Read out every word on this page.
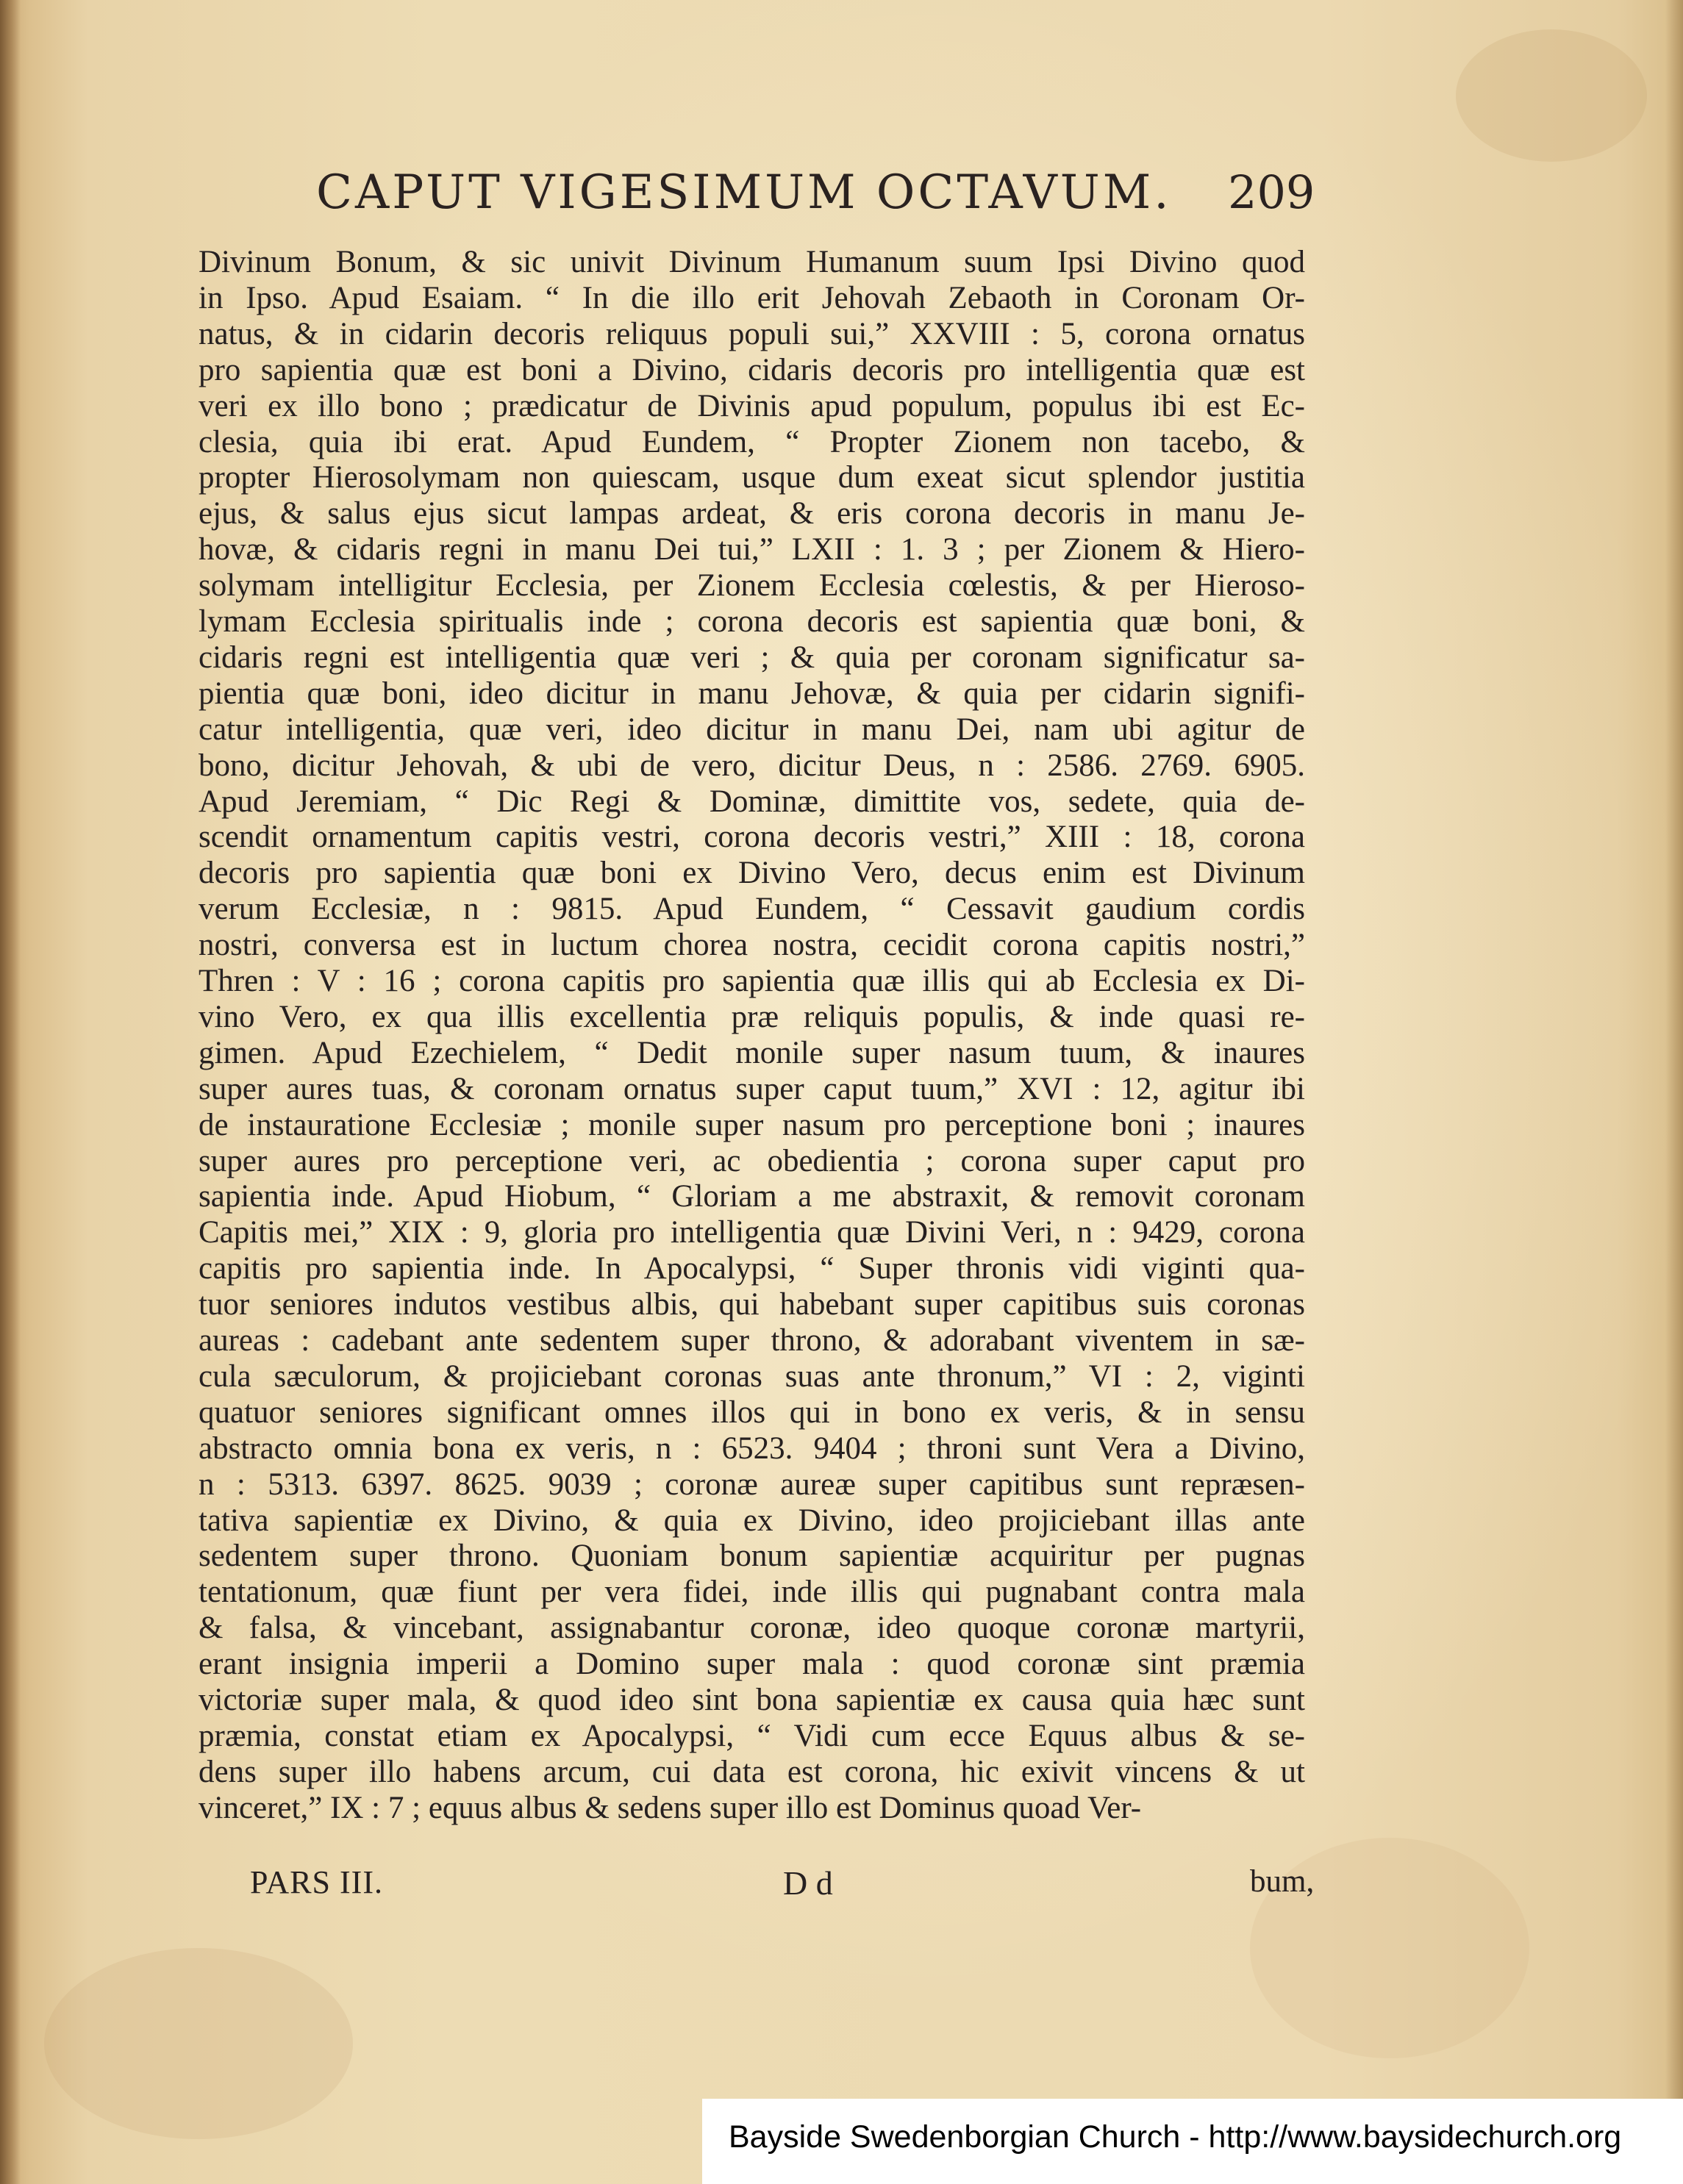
CAPUT VIGESIMUM OCTAVUM. 209
Divinum Bonum, & sic univit Divinum Humanum suum Ipsi Divino quod
in Ipso. Apud Esaiam. “ In die illo erit Jehovah Zebaoth in Coronam Or-
natus, & in cidarin decoris reliquus populi sui,” XXVIII : 5, corona ornatus
pro sapientia quæ est boni a Divino, cidaris decoris pro intelligentia quæ est
veri ex illo bono ; prædicatur de Divinis apud populum, populus ibi est Ec-
clesia, quia ibi erat. Apud Eundem, “ Propter Zionem non tacebo, &
propter Hierosolymam non quiescam, usque dum exeat sicut splendor justitia
ejus, & salus ejus sicut lampas ardeat, & eris corona decoris in manu Je-
hovæ, & cidaris regni in manu Dei tui,” LXII : 1. 3 ; per Zionem & Hiero-
solymam intelligitur Ecclesia, per Zionem Ecclesia cœlestis, & per Hieroso-
lymam Ecclesia spiritualis inde ; corona decoris est sapientia quæ boni, &
cidaris regni est intelligentia quæ veri ; & quia per coronam significatur sa-
pientia quæ boni, ideo dicitur in manu Jehovæ, & quia per cidarin signifi-
catur intelligentia, quæ veri, ideo dicitur in manu Dei, nam ubi agitur de
bono, dicitur Jehovah, & ubi de vero, dicitur Deus, n : 2586. 2769. 6905.
Apud Jeremiam, “ Dic Regi & Dominæ, dimittite vos, sedete, quia de-
scendit ornamentum capitis vestri, corona decoris vestri,” XIII : 18, corona
decoris pro sapientia quæ boni ex Divino Vero, decus enim est Divinum
verum Ecclesiæ, n : 9815. Apud Eundem, “ Cessavit gaudium cordis
nostri, conversa est in luctum chorea nostra, cecidit corona capitis nostri,”
Thren : V : 16 ; corona capitis pro sapientia quæ illis qui ab Ecclesia ex Di-
vino Vero, ex qua illis excellentia præ reliquis populis, & inde quasi re-
gimen. Apud Ezechielem, “ Dedit monile super nasum tuum, & inaures
super aures tuas, & coronam ornatus super caput tuum,” XVI : 12, agitur ibi
de instauratione Ecclesiæ ; monile super nasum pro perceptione boni ; inaures
super aures pro perceptione veri, ac obedientia ; corona super caput pro
sapientia inde. Apud Hiobum, “ Gloriam a me abstraxit, & removit coronam
Capitis mei,” XIX : 9, gloria pro intelligentia quæ Divini Veri, n : 9429, corona
capitis pro sapientia inde. In Apocalypsi, “ Super thronis vidi viginti qua-
tuor seniores indutos vestibus albis, qui habebant super capitibus suis coronas
aureas : cadebant ante sedentem super throno, & adorabant viventem in sæ-
cula sæculorum, & projiciebant coronas suas ante thronum,” VI : 2, viginti
quatuor seniores significant omnes illos qui in bono ex veris, & in sensu
abstracto omnia bona ex veris, n : 6523. 9404 ; throni sunt Vera a Divino,
n : 5313. 6397. 8625. 9039 ; coronæ aureæ super capitibus sunt repræsen-
tativa sapientiæ ex Divino, & quia ex Divino, ideo projiciebant illas ante
sedentem super throno. Quoniam bonum sapientiæ acquiritur per pugnas
tentationum, quæ fiunt per vera fidei, inde illis qui pugnabant contra mala
& falsa, & vincebant, assignabantur coronæ, ideo quoque coronæ martyrii,
erant insignia imperii a Domino super mala : quod coronæ sint præmia
victoriæ super mala, & quod ideo sint bona sapientiæ ex causa quia hæc sunt
præmia, constat etiam ex Apocalypsi, “ Vidi cum ecce Equus albus & se-
dens super illo habens arcum, cui data est corona, hic exivit vincens & ut
vinceret,” IX : 7 ; equus albus & sedens super illo est Dominus quoad Ver-
PARS III.	D d	bum,
Bayside Swedenborgian Church - http://www.baysidechurch.org
